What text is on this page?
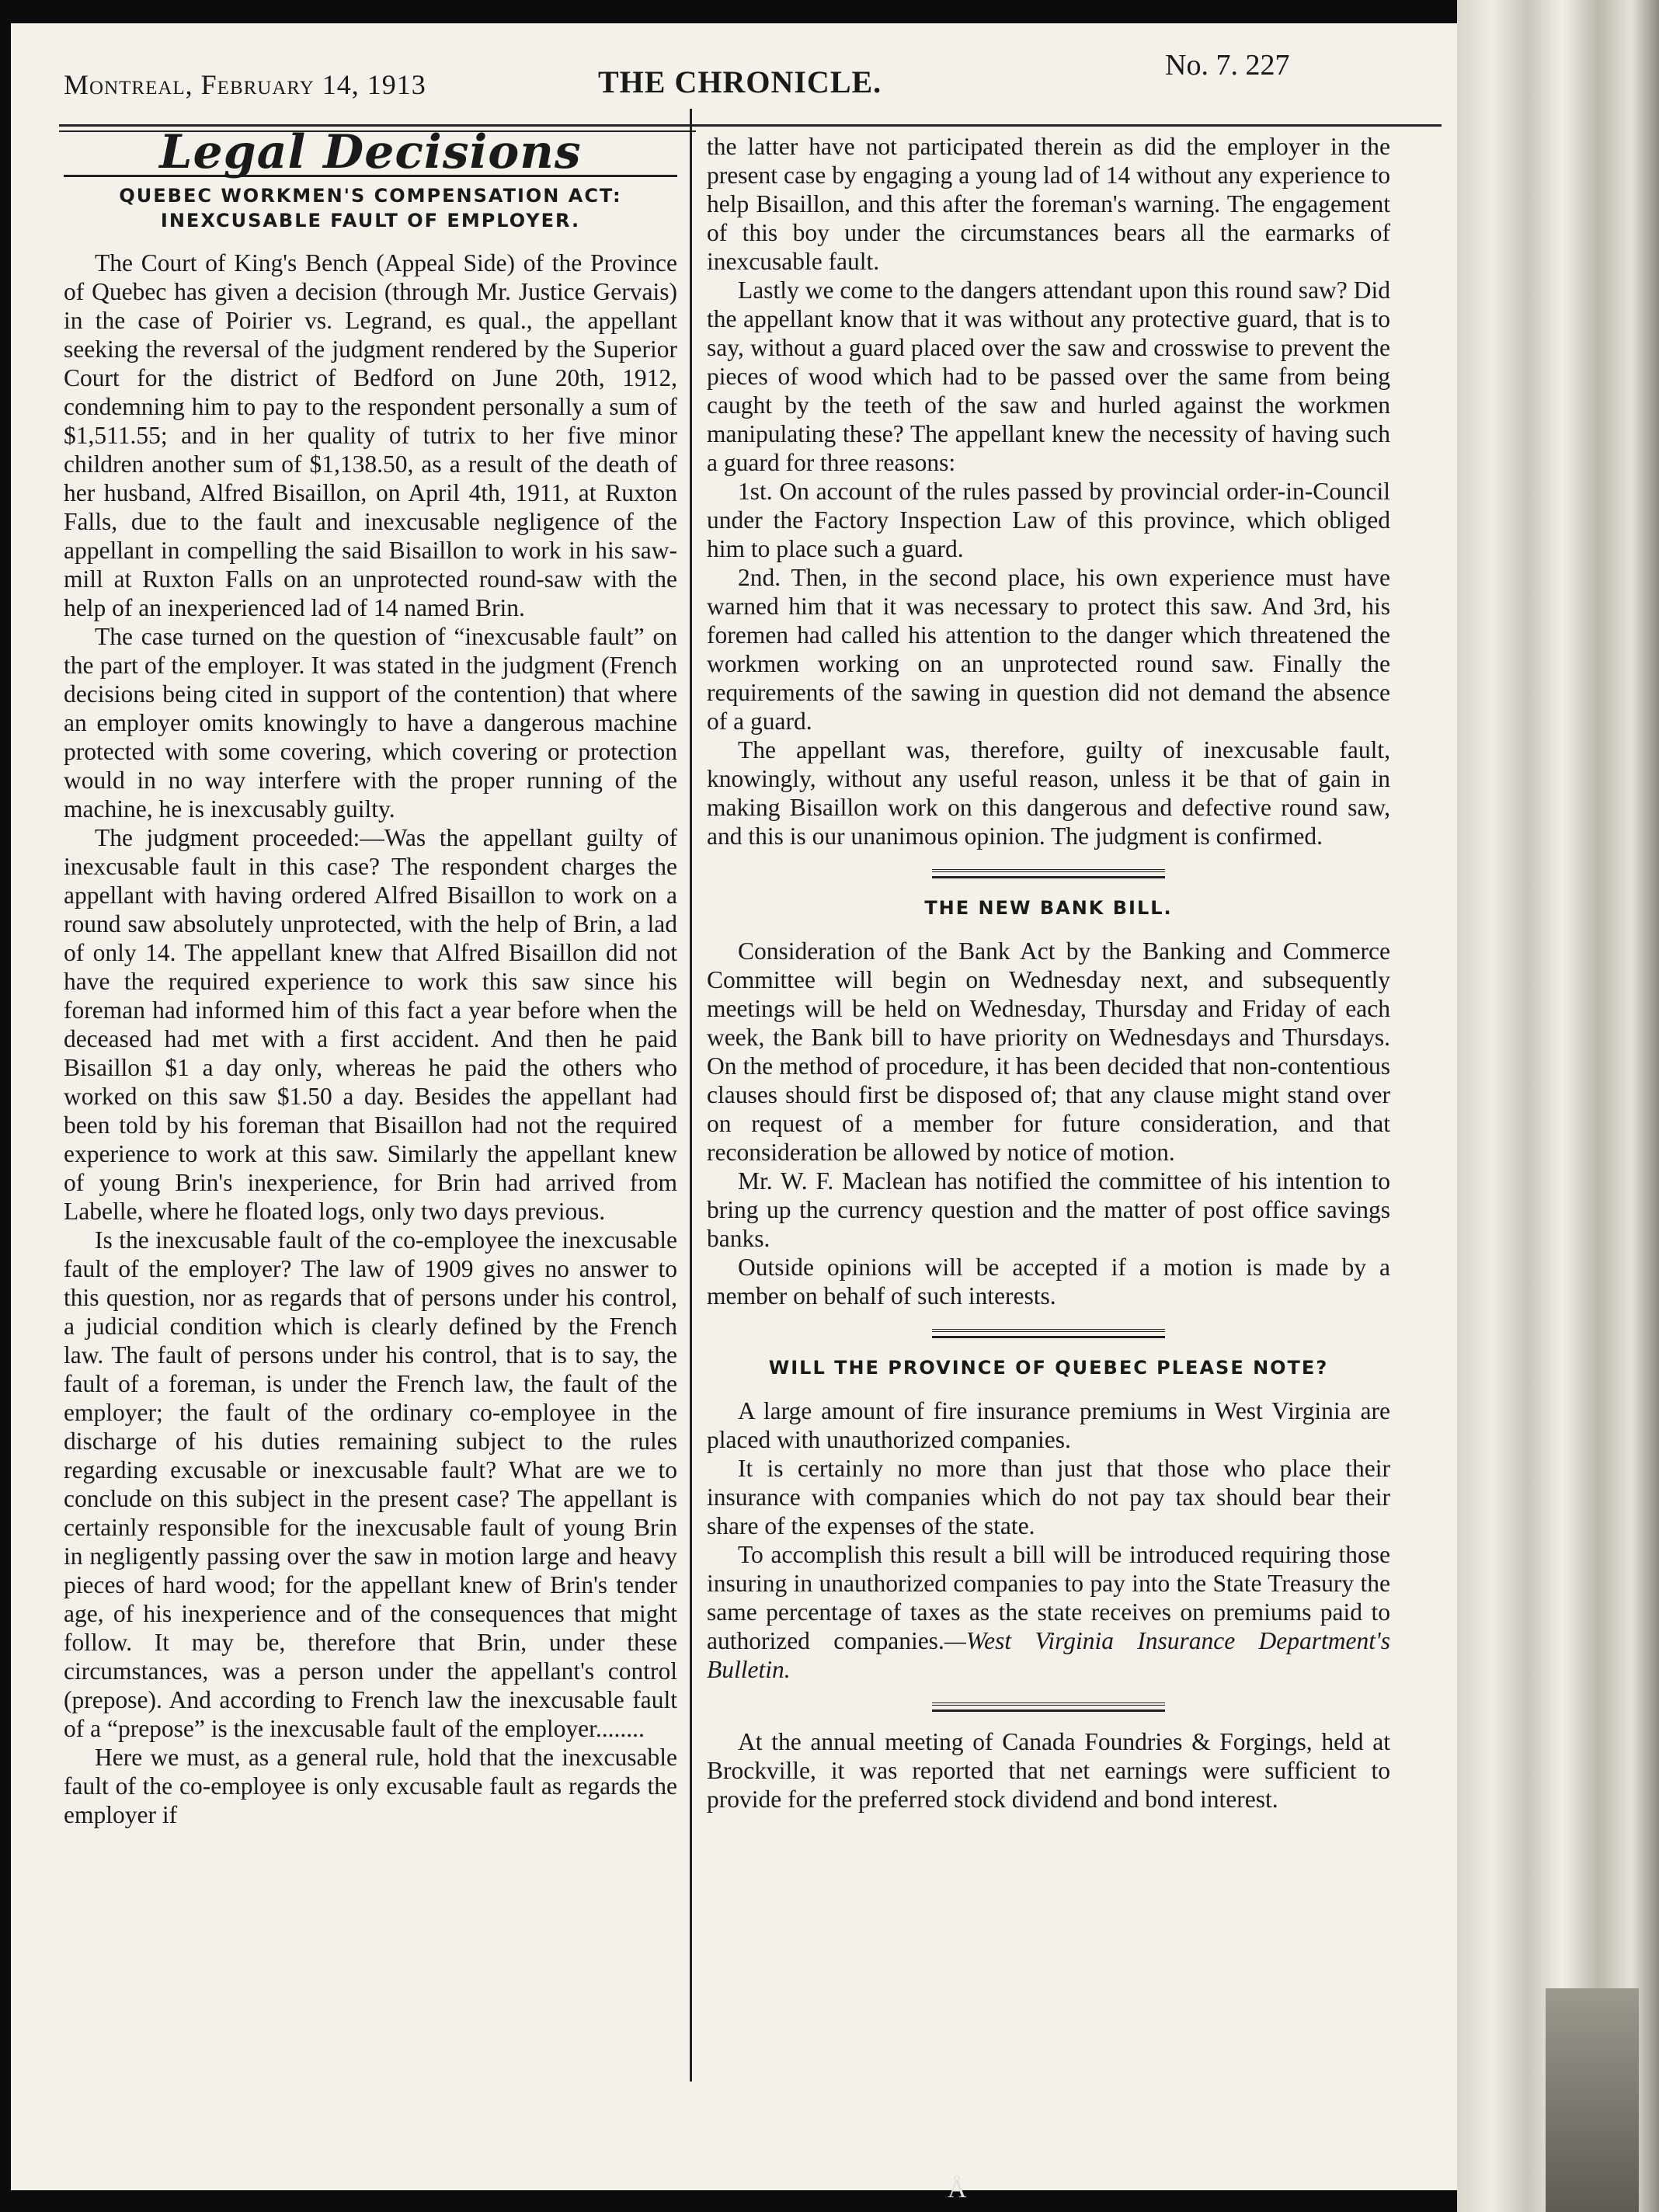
Montreal, February 14, 1913	THE CHRONICLE.	No. 7. 227
Legal Decisions
QUEBEC WORKMEN'S COMPENSATION ACT: INEXCUSABLE FAULT OF EMPLOYER.

The Court of King's Bench (Appeal Side) of the Province of Quebec has given a decision (through Mr. Justice Gervais) in the case of Poirier vs. Legrand, es qual., the appellant seeking the reversal of the judgment rendered by the Superior Court for the district of Bedford on June 20th, 1912, condemning him to pay to the respondent personally a sum of $1,511.55; and in her quality of tutrix to her five minor children another sum of $1,138.50, as a result of the death of her husband, Alfred Bisaillon, on April 4th, 1911, at Ruxton Falls, due to the fault and inexcusable negligence of the appellant in compelling the said Bisaillon to work in his saw-mill at Ruxton Falls on an unprotected round-saw with the help of an inexperienced lad of 14 named Brin.

The case turned on the question of “inexcusable fault” on the part of the employer. It was stated in the judgment (French decisions being cited in support of the contention) that where an employer omits knowingly to have a dangerous machine protected with some covering, which covering or protection would in no way interfere with the proper running of the machine, he is inexcusably guilty.

The judgment proceeded:—Was the appellant guilty of inexcusable fault in this case? The respondent charges the appellant with having ordered Alfred Bisaillon to work on a round saw absolutely unprotected, with the help of Brin, a lad of only 14. The appellant knew that Alfred Bisaillon did not have the required experience to work this saw since his foreman had informed him of this fact a year before when the deceased had met with a first accident. And then he paid Bisaillon $1 a day only, whereas he paid the others who worked on this saw $1.50 a day. Besides the appellant had been told by his foreman that Bisaillon had not the required experience to work at this saw. Similarly the appellant knew of young Brin's inexperience, for Brin had arrived from Labelle, where he floated logs, only two days previous.

Is the inexcusable fault of the co-employee the inexcusable fault of the employer? The law of 1909 gives no answer to this question, nor as regards that of persons under his control, a judicial condition which is clearly defined by the French law. The fault of persons under his control, that is to say, the fault of a foreman, is under the French law, the fault of the employer; the fault of the ordinary co-employee in the discharge of his duties remaining subject to the rules regarding excusable or inexcusable fault? What are we to conclude on this subject in the present case? The appellant is certainly responsible for the inexcusable fault of young Brin in negligently passing over the saw in motion large and heavy pieces of hard wood; for the appellant knew of Brin's tender age, of his inexperience and of the consequences that might follow. It may be, therefore that Brin, under these circumstances, was a person under the appellant's control (prepose). And according to French law the inexcusable fault of a “prepose” is the inexcusable fault of the employer........

Here we must, as a general rule, hold that the inexcusable fault of the co-employee is only excusable fault as regards the employer if

the latter have not participated therein as did the employer in the present case by engaging a young lad of 14 without any experience to help Bisaillon, and this after the foreman's warning. The engagement of this boy under the circumstances bears all the earmarks of inexcusable fault.

Lastly we come to the dangers attendant upon this round saw? Did the appellant know that it was without any protective guard, that is to say, without a guard placed over the saw and crosswise to prevent the pieces of wood which had to be passed over the same from being caught by the teeth of the saw and hurled against the workmen manipulating these? The appellant knew the necessity of having such a guard for three reasons:

1st. On account of the rules passed by provincial order-in-Council under the Factory Inspection Law of this province, which obliged him to place such a guard.

2nd. Then, in the second place, his own experience must have warned him that it was necessary to protect this saw. And 3rd, his foremen had called his attention to the danger which threatened the workmen working on an unprotected round saw. Finally the requirements of the sawing in question did not demand the absence of a guard.

The appellant was, therefore, guilty of inexcusable fault, knowingly, without any useful reason, unless it be that of gain in making Bisaillon work on this dangerous and defective round saw, and this is our unanimous opinion. The judgment is confirmed.

THE NEW BANK BILL.

Consideration of the Bank Act by the Banking and Commerce Committee will begin on Wednesday next, and subsequently meetings will be held on Wednesday, Thursday and Friday of each week, the Bank bill to have priority on Wednesdays and Thursdays. On the method of procedure, it has been decided that non-contentious clauses should first be disposed of; that any clause might stand over on request of a member for future consideration, and that reconsideration be allowed by notice of motion.

Mr. W. F. Maclean has notified the committee of his intention to bring up the currency question and the matter of post office savings banks.

Outside opinions will be accepted if a motion is made by a member on behalf of such interests.

WILL THE PROVINCE OF QUEBEC PLEASE NOTE?

A large amount of fire insurance premiums in West Virginia are placed with unauthorized companies.

It is certainly no more than just that those who place their insurance with companies which do not pay tax should bear their share of the expenses of the state.

To accomplish this result a bill will be introduced requiring those insuring in unauthorized companies to pay into the State Treasury the same percentage of taxes as the state receives on premiums paid to authorized companies.—West Virginia Insurance Department's Bulletin.

At the annual meeting of Canada Foundries & Forgings, held at Brockville, it was reported that net earnings were sufficient to provide for the preferred stock dividend and bond interest.

Å
